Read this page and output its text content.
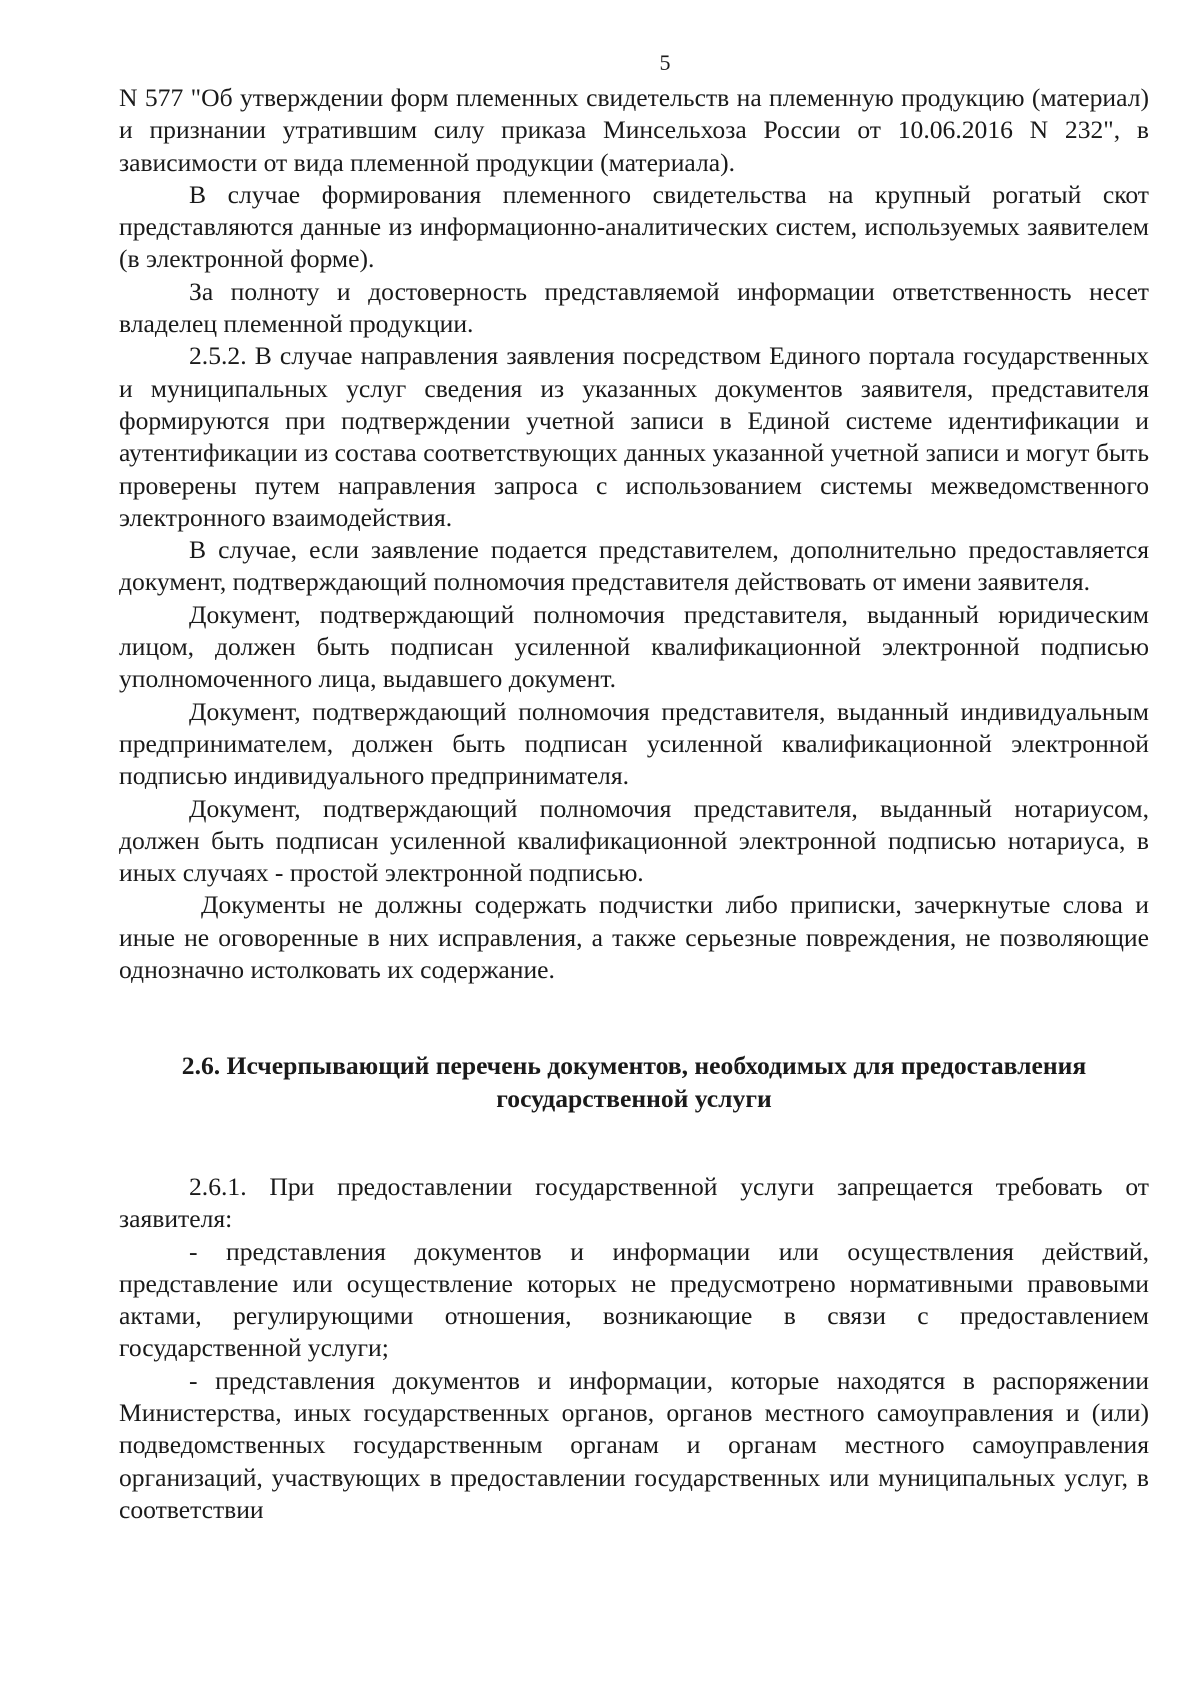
5

N 577 "Об утверждении форм племенных свидетельств на племенную продукцию (материал) и признании утратившим силу приказа Минсельхоза России от 10.06.2016 N 232", в зависимости от вида племенной продукции (материала).

В случае формирования племенного свидетельства на крупный рогатый скот представляются данные из информационно-аналитических систем, используемых заявителем (в электронной форме).

За полноту и достоверность представляемой информации ответственность несет владелец племенной продукции.

2.5.2. В случае направления заявления посредством Единого портала государственных и муниципальных услуг сведения из указанных документов заявителя, представителя формируются при подтверждении учетной записи в Единой системе идентификации и аутентификации из состава соответствующих данных указанной учетной записи и могут быть проверены путем направления запроса с использованием системы межведомственного электронного взаимодействия.

В случае, если заявление подается представителем, дополнительно предоставляется документ, подтверждающий полномочия представителя действовать от имени заявителя.

Документ, подтверждающий полномочия представителя, выданный юридическим лицом, должен быть подписан усиленной квалификационной электронной подписью уполномоченного лица, выдавшего документ.

Документ, подтверждающий полномочия представителя, выданный индивидуальным предпринимателем, должен быть подписан усиленной квалификационной электронной подписью индивидуального предпринимателя.

Документ, подтверждающий полномочия представителя, выданный нотариусом, должен быть подписан усиленной квалификационной электронной подписью нотариуса, в иных случаях - простой электронной подписью.

Документы не должны содержать подчистки либо приписки, зачеркнутые слова и иные не оговоренные в них исправления, а также серьезные повреждения, не позволяющие однозначно истолковать их содержание.

2.6. Исчерпывающий перечень документов, необходимых для предоставления
государственной услуги

2.6.1. При предоставлении государственной услуги запрещается требовать от заявителя:

- представления документов и информации или осуществления действий, представление или осуществление которых не предусмотрено нормативными правовыми актами, регулирующими отношения, возникающие в связи с предоставлением государственной услуги;

- представления документов и информации, которые находятся в распоряжении Министерства, иных государственных органов, органов местного самоуправления и (или) подведомственных государственным органам и органам местного самоуправления организаций, участвующих в предоставлении государственных или муниципальных услуг, в соответствии
